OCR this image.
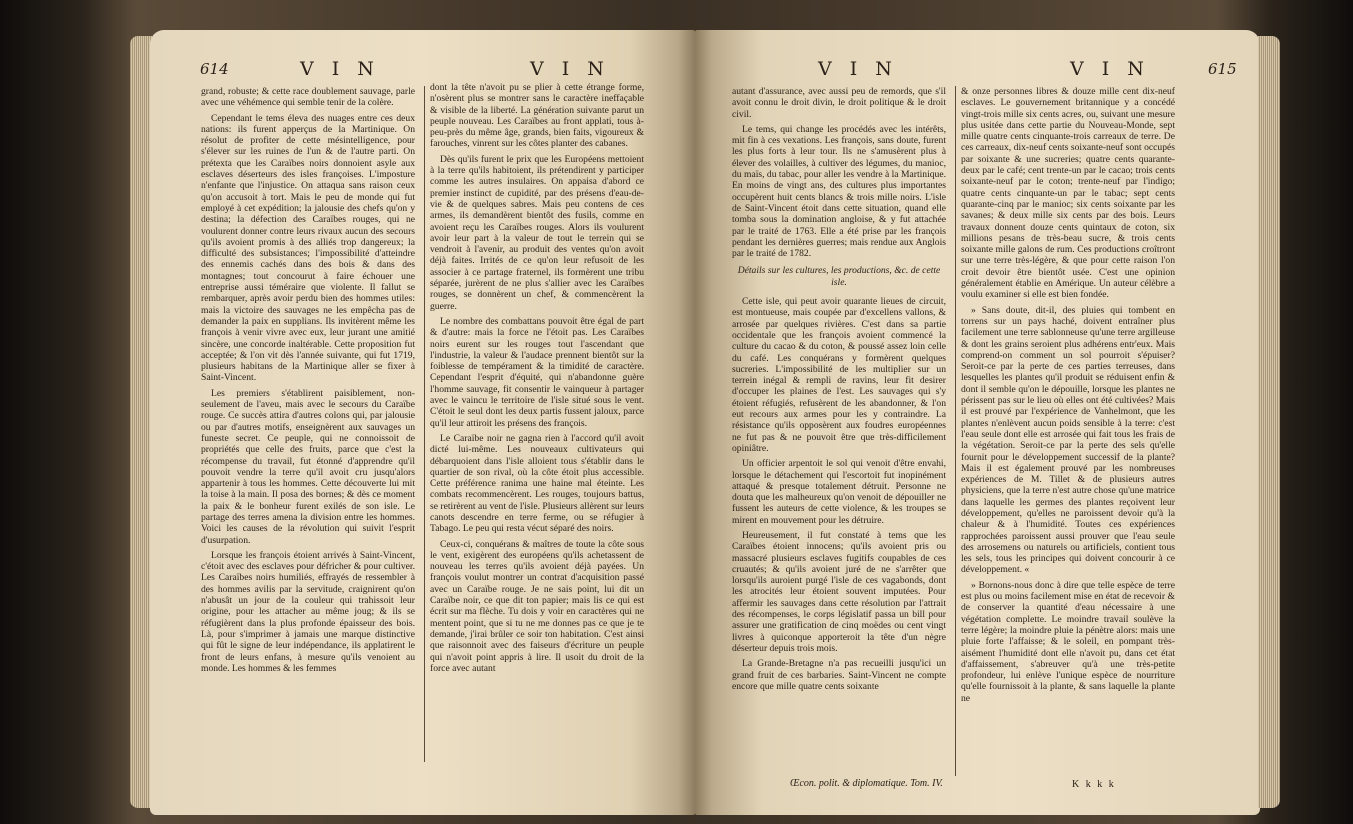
614	V I N	V I N

grand, robuste; & cette race doublement sauvage, parle avec une véhémence qui semble tenir de la colère.

Cependant le tems éleva des nuages entre ces deux nations: ils furent apperçus de la Martinique. On résolut de profiter de cette mésintelligence, pour s'élever sur les ruines de l'un & de l'autre parti. On prétexta que les Caraïbes noirs donnoient asyle aux esclaves déserteurs des isles françoises. L'imposture n'enfante que l'injustice. On attaqua sans raison ceux qu'on accusoit à tort. Mais le peu de monde qui fut employé à cet expédition; la jalousie des chefs qu'on y destina; la défection des Caraïbes rouges, qui ne voulurent donner contre leurs rivaux aucun des secours qu'ils avoient promis à des alliés trop dangereux; la difficulté des subsistances; l'impossibilité d'atteindre des ennemis cachés dans des bois & dans des montagnes; tout concourut à faire échouer une entreprise aussi téméraire que violente. Il fallut se rembarquer, après avoir perdu bien des hommes utiles: mais la victoire des sauvages ne les empêcha pas de demander la paix en supplians. Ils invitèrent même les françois à venir vivre avec eux, leur jurant une amitié sincère, une concorde inaltérable. Cette proposition fut acceptée; & l'on vit dès l'année suivante, qui fut 1719, plusieurs habitans de la Martinique aller se fixer à Saint-Vincent.

Les premiers s'établirent paisiblement, non-seulement de l'aveu, mais avec le secours du Caraïbe rouge. Ce succès attira d'autres colons qui, par jalousie ou par d'autres motifs, enseignèrent aux sauvages un funeste secret. Ce peuple, qui ne connoissoit de propriétés que celle des fruits, parce que c'est la récompense du travail, fut étonné d'apprendre qu'il pouvoit vendre la terre qu'il avoit cru jusqu'alors appartenir à tous les hommes. Cette découverte lui mit la toise à la main. Il posa des bornes; & dès ce moment la paix & le bonheur furent exilés de son isle. Le partage des terres amena la division entre les hommes. Voici les causes de la révolution qui suivit l'esprit d'usurpation.

Lorsque les françois étoient arrivés à Saint-Vincent, c'étoit avec des esclaves pour défricher & pour cultiver. Les Caraïbes noirs humiliés, effrayés de ressembler à des hommes avilis par la servitude, craignirent qu'on n'abusât un jour de la couleur qui trahissoit leur origine, pour les attacher au même joug; & ils se réfugièrent dans la plus profonde épaisseur des bois. Là, pour s'imprimer à jamais une marque distinctive qui fût le signe de leur indépendance, ils applatirent le front de leurs enfans, à mesure qu'ils venoient au monde. Les hommes & les femmes

dont la tête n'avoit pu se plier à cette étrange forme, n'osèrent plus se montrer sans le caractère ineffaçable & visible de la liberté. La génération suivante parut un peuple nouveau. Les Caraïbes au front applati, tous à-peu-près du même âge, grands, bien faits, vigoureux & farouches, vinrent sur les côtes planter des cabanes.

Dès qu'ils furent le prix que les Européens mettoient à la terre qu'ils habitoient, ils prétendirent y participer comme les autres insulaires. On appaisa d'abord ce premier instinct de cupidité, par des présens d'eau-de-vie & de quelques sabres. Mais peu contens de ces armes, ils demandèrent bientôt des fusils, comme en avoient reçu les Caraïbes rouges. Alors ils voulurent avoir leur part à la valeur de tout le terrein qui se vendroit à l'avenir, au produit des ventes qu'on avoit déjà faites. Irrités de ce qu'on leur refusoit de les associer à ce partage fraternel, ils formèrent une tribu séparée, jurèrent de ne plus s'allier avec les Caraïbes rouges, se donnèrent un chef, & commencèrent la guerre.

Le nombre des combattans pouvoit être égal de part & d'autre: mais la force ne l'étoit pas. Les Caraïbes noirs eurent sur les rouges tout l'ascendant que l'industrie, la valeur & l'audace prennent bientôt sur la foiblesse de tempérament & la timidité de caractère. Cependant l'esprit d'équité, qui n'abandonne guère l'homme sauvage, fit consentir le vainqueur à partager avec le vaincu le territoire de l'isle situé sous le vent. C'étoit le seul dont les deux partis fussent jaloux, parce qu'il leur attiroit les présens des françois.

Le Caraïbe noir ne gagna rien à l'accord qu'il avoit dicté lui-même. Les nouveaux cultivateurs qui débarquoient dans l'isle alloient tous s'établir dans le quartier de son rival, où la côte étoit plus accessible. Cette préférence ranima une haine mal éteinte. Les combats recommencèrent. Les rouges, toujours battus, se retirèrent au vent de l'isle. Plusieurs allèrent sur leurs canots descendre en terre ferme, ou se réfugier à Tabago. Le peu qui resta vécut séparé des noirs.

Ceux-ci, conquérans & maîtres de toute la côte sous le vent, exigèrent des européens qu'ils achetassent de nouveau les terres qu'ils avoient déjà payées. Un françois voulut montrer un contrat d'acquisition passé avec un Caraïbe rouge. Je ne sais point, lui dit un Caraïbe noir, ce que dit ton papier; mais lis ce qui est écrit sur ma flèche. Tu dois y voir en caractères qui ne mentent point, que si tu ne me donnes pas ce que je te demande, j'irai brûler ce soir ton habitation. C'est ainsi que raisonnoit avec des faiseurs d'écriture un peuple qui n'avoit point appris à lire. Il usoit du droit de la force avec autant

V I N	V I N	615

autant d'assurance, avec aussi peu de remords, que s'il avoit connu le droit divin, le droit politique & le droit civil.

Le tems, qui change les procédés avec les intérêts, mit fin à ces vexations. Les françois, sans doute, furent les plus forts à leur tour. Ils ne s'amusèrent plus à élever des volailles, à cultiver des légumes, du manioc, du maïs, du tabac, pour aller les vendre à la Martinique. En moins de vingt ans, des cultures plus importantes occupèrent huit cents blancs & trois mille noirs. L'isle de Saint-Vincent étoit dans cette situation, quand elle tomba sous la domination angloise, & y fut attachée par le traité de 1763. Elle a été prise par les françois pendant les dernières guerres; mais rendue aux Anglois par le traité de 1782.

Détails sur les cultures, les productions, &c. de cette isle.

Cette isle, qui peut avoir quarante lieues de circuit, est montueuse, mais coupée par d'excellens vallons, & arrosée par quelques rivières. C'est dans sa partie occidentale que les françois avoient commencé la culture du cacao & du coton, & poussé assez loin celle du café. Les conquérans y formèrent quelques sucreries. L'impossibilité de les multiplier sur un terrein inégal & rempli de ravins, leur fit desirer d'occuper les plaines de l'est. Les sauvages qui s'y étoient réfugiés, refusèrent de les abandonner, & l'on eut recours aux armes pour les y contraindre. La résistance qu'ils opposèrent aux foudres européennes ne fut pas & ne pouvoit être que très-difficilement opiniâtre.

Un officier arpentoit le sol qui venoit d'être envahi, lorsque le détachement qui l'escortoit fut inopinément attaqué & presque totalement détruit. Personne ne douta que les malheureux qu'on venoit de dépouiller ne fussent les auteurs de cette violence, & les troupes se mirent en mouvement pour les détruire.

Heureusement, il fut constaté à tems que les Caraïbes étoient innocens; qu'ils avoient pris ou massacré plusieurs esclaves fugitifs coupables de ces cruautés; & qu'ils avoient juré de ne s'arrêter que lorsqu'ils auroient purgé l'isle de ces vagabonds, dont les atrocités leur étoient souvent imputées. Pour affermir les sauvages dans cette résolution par l'attrait des récompenses, le corps législatif passa un bill pour assurer une gratification de cinq moëdes ou cent vingt livres à quiconque apporteroit la tête d'un nègre déserteur depuis trois mois.

La Grande-Bretagne n'a pas recueilli jusqu'ici un grand fruit de ces barbaries. Saint-Vincent ne compte encore que mille quatre cents soixante

& onze personnes libres & douze mille cent dix-neuf esclaves. Le gouvernement britannique y a concédé vingt-trois mille six cents acres, ou, suivant une mesure plus usitée dans cette partie du Nouveau-Monde, sept mille quatre cents cinquante-trois carreaux de terre. De ces carreaux, dix-neuf cents soixante-neuf sont occupés par soixante & une sucreries; quatre cents quarante-deux par le café; cent trente-un par le cacao; trois cents soixante-neuf par le coton; trente-neuf par l'indigo; quatre cents cinquante-un par le tabac; sept cents quarante-cinq par le manioc; six cents soixante par les savanes; & deux mille six cents par des bois. Leurs travaux donnent douze cents quintaux de coton, six millions pesans de très-beau sucre, & trois cents soixante mille galons de rum. Ces productions croîtront sur une terre très-légère, & que pour cette raison l'on croit devoir être bientôt usée. C'est une opinion généralement établie en Amérique. Un auteur célèbre a voulu examiner si elle est bien fondée.

» Sans doute, dit-il, des pluies qui tombent en torrens sur un pays haché, doivent entraîner plus facilement une terre sablonneuse qu'une terre argilleuse & dont les grains seroient plus adhérens entr'eux. Mais comprend-on comment un sol pourroit s'épuiser? Seroit-ce par la perte de ces parties terreuses, dans lesquelles les plantes qu'il produit se réduisent enfin & dont il semble qu'on le dépouille, lorsque les plantes ne périssent pas sur le lieu où elles ont été cultivées? Mais il est prouvé par l'expérience de Vanhelmont, que les plantes n'enlèvent aucun poids sensible à la terre: c'est l'eau seule dont elle est arrosée qui fait tous les frais de la végétation. Seroit-ce par la perte des sels qu'elle fournit pour le développement successif de la plante? Mais il est également prouvé par les nombreuses expériences de M. Tillet & de plusieurs autres physiciens, que la terre n'est autre chose qu'une matrice dans laquelle les germes des plantes reçoivent leur développement, qu'elles ne paroissent devoir qu'à la chaleur & à l'humidité. Toutes ces expériences rapprochées paroissent aussi prouver que l'eau seule des arrosemens ou naturels ou artificiels, contient tous les sels, tous les principes qui doivent concourir à ce développement. «

» Bornons-nous donc à dire que telle espèce de terre est plus ou moins facilement mise en état de recevoir & de conserver la quantité d'eau nécessaire à une végétation complette. Le moindre travail soulève la terre légère; la moindre pluie la pénètre alors: mais une pluie forte l'affaisse; & le soleil, en pompant très-aisément l'humidité dont elle n'avoit pu, dans cet état d'affaissement, s'abreuver qu'à une très-petite profondeur, lui enlève l'unique espèce de nourriture qu'elle fournissoit à la plante, & sans laquelle la plante ne

Œcon. polit. & diplomatique. Tom. IV.	K k k k
